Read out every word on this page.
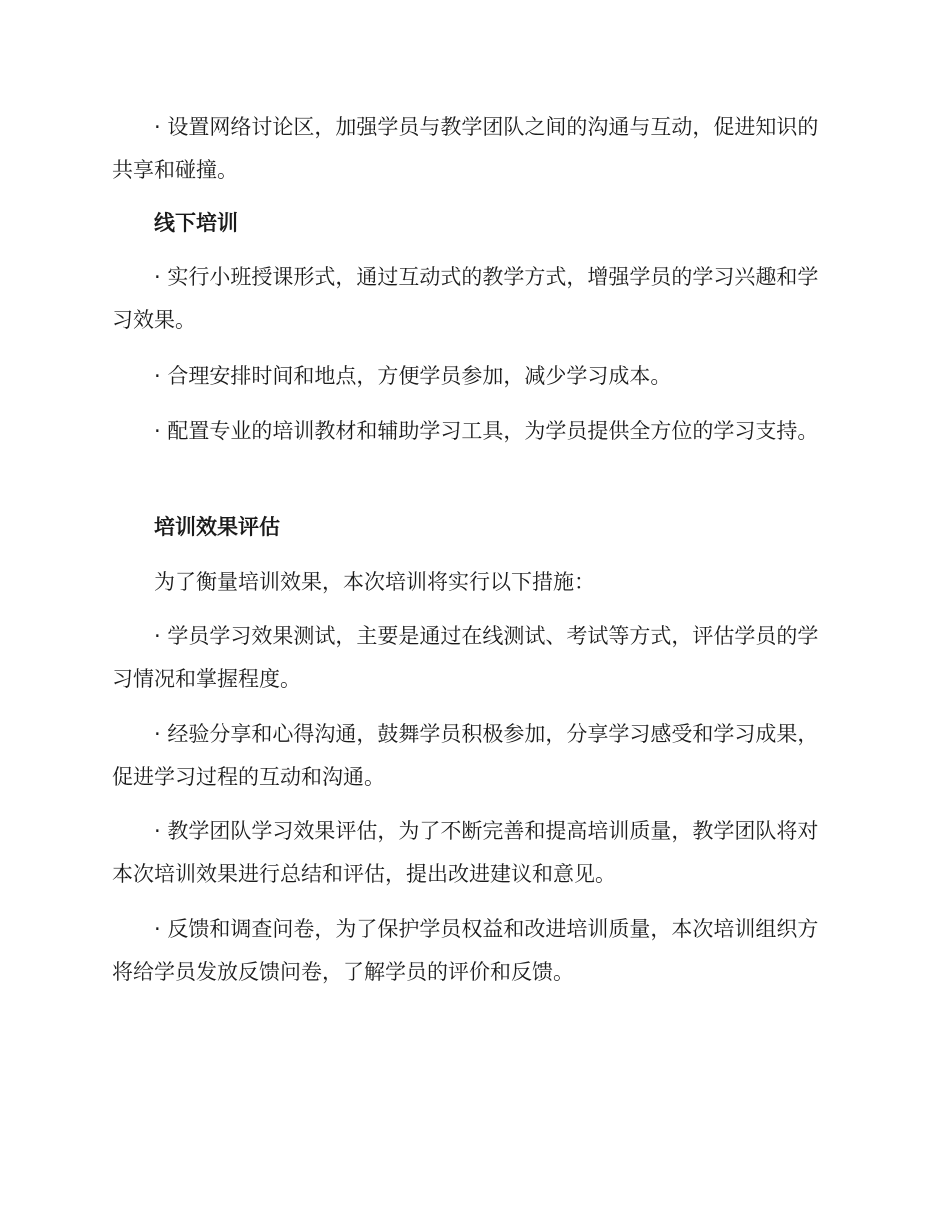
· 设置网络讨论区，加强学员与教学团队之间的沟通与互动，促进知识的共享和碰撞。

线下培训

· 实行小班授课形式，通过互动式的教学方式，增强学员的学习兴趣和学习效果。

· 合理安排时间和地点，方便学员参加，减少学习成本。

· 配置专业的培训教材和辅助学习工具，为学员提供全方位的学习支持。

培训效果评估

为了衡量培训效果，本次培训将实行以下措施：

· 学员学习效果测试，主要是通过在线测试、考试等方式，评估学员的学习情况和掌握程度。

· 经验分享和心得沟通，鼓舞学员积极参加，分享学习感受和学习成果，促进学习过程的互动和沟通。

· 教学团队学习效果评估，为了不断完善和提高培训质量，教学团队将对本次培训效果进行总结和评估，提出改进建议和意见。

· 反馈和调查问卷，为了保护学员权益和改进培训质量，本次培训组织方将给学员发放反馈问卷，了解学员的评价和反馈。
